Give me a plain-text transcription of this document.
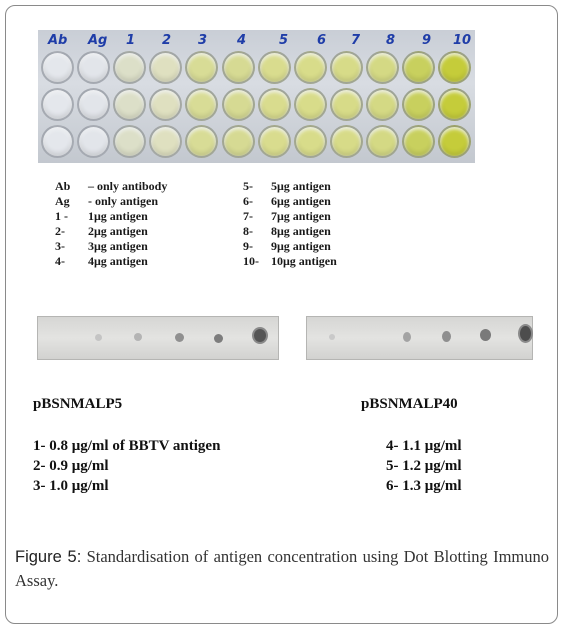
Ab Ag 1 2 3 4	5 6 7 8 9 10
Ab	– only antibody
Ag	- only antigen
1 -	1μg antigen
2-	2μg antigen
3-	3μg antigen
4-	4μg antigen
5-	5μg antigen
6-	6μg antigen
7-	7μg antigen
8-	8μg antigen
9-	9μg antigen
10-	10μg antigen
pBSNMALP5	pBSNMALP40
1- 0.8 μg/ml of BBTV antigen
2- 0.9 μg/ml
3- 1.0 μg/ml
4- 1.1 μg/ml
5- 1.2 μg/ml
6- 1.3 μg/ml
Figure 5: Standardisation of antigen concentration using Dot Blotting Immuno Assay.
